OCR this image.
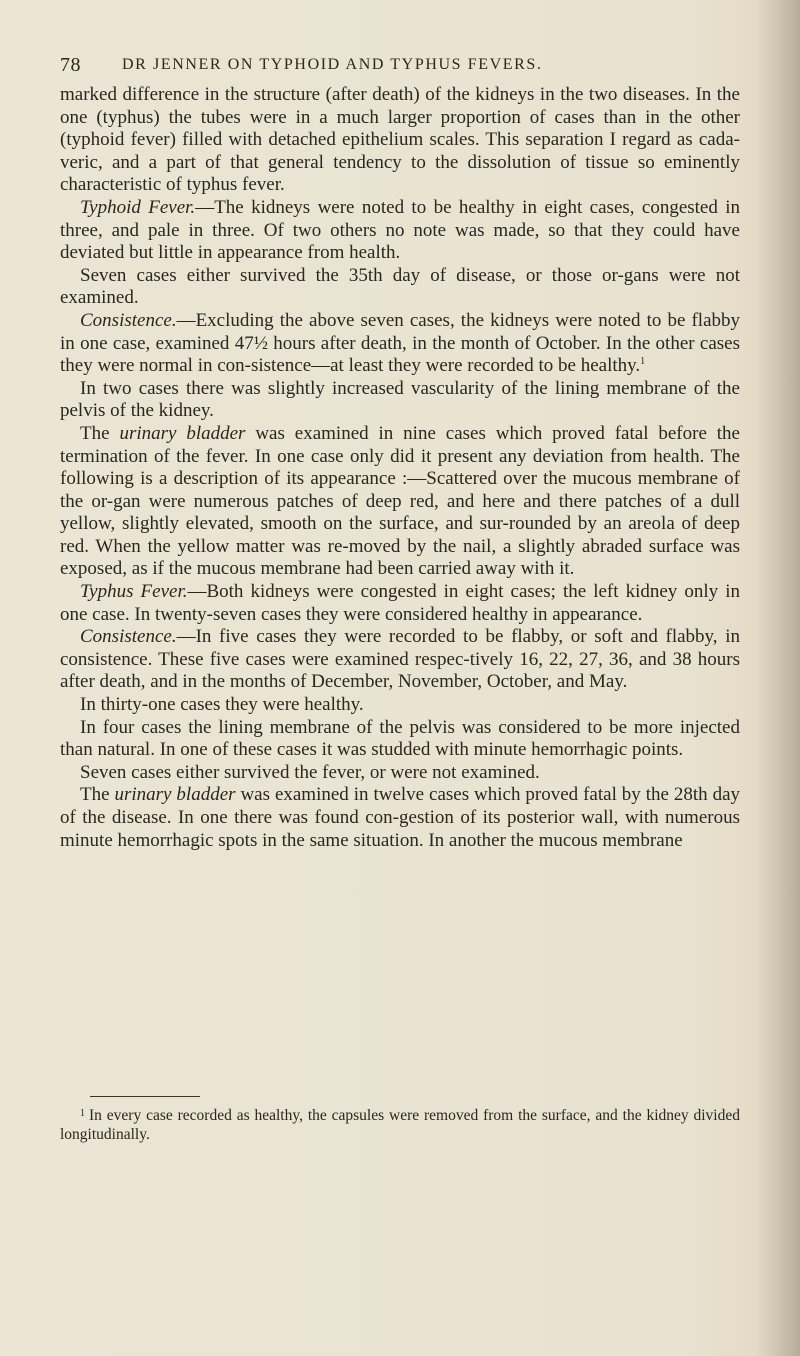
78	DR JENNER ON TYPHOID AND TYPHUS FEVERS.

marked difference in the structure (after death) of the kidneys in the two diseases. In the one (typhus) the tubes were in a much larger proportion of cases than in the other (typhoid fever) filled with detached epithelium scales. This separation I regard as cada-veric, and a part of that general tendency to the dissolution of tissue so eminently characteristic of typhus fever.

Typhoid Fever.—The kidneys were noted to be healthy in eight cases, congested in three, and pale in three. Of two others no note was made, so that they could have deviated but little in appearance from health.

Seven cases either survived the 35th day of disease, or those or-gans were not examined.

Consistence.—Excluding the above seven cases, the kidneys were noted to be flabby in one case, examined 47½ hours after death, in the month of October. In the other cases they were normal in con-sistence—at least they were recorded to be healthy.$^1$

In two cases there was slightly increased vascularity of the lining membrane of the pelvis of the kidney.

The urinary bladder was examined in nine cases which proved fatal before the termination of the fever. In one case only did it present any deviation from health. The following is a description of its appearance :—Scattered over the mucous membrane of the or-gan were numerous patches of deep red, and here and there patches of a dull yellow, slightly elevated, smooth on the surface, and sur-rounded by an areola of deep red. When the yellow matter was re-moved by the nail, a slightly abraded surface was exposed, as if the mucous membrane had been carried away with it.

Typhus Fever.—Both kidneys were congested in eight cases; the left kidney only in one case. In twenty-seven cases they were considered healthy in appearance.

Consistence.—In five cases they were recorded to be flabby, or soft and flabby, in consistence. These five cases were examined respec-tively 16, 22, 27, 36, and 38 hours after death, and in the months of December, November, October, and May.

In thirty-one cases they were healthy.

In four cases the lining membrane of the pelvis was considered to be more injected than natural. In one of these cases it was studded with minute hemorrhagic points.

Seven cases either survived the fever, or were not examined.

The urinary bladder was examined in twelve cases which proved fatal by the 28th day of the disease. In one there was found con-gestion of its posterior wall, with numerous minute hemorrhagic spots in the same situation. In another the mucous membrane

$^1$ In every case recorded as healthy, the capsules were removed from the surface, and the kidney divided longitudinally.
